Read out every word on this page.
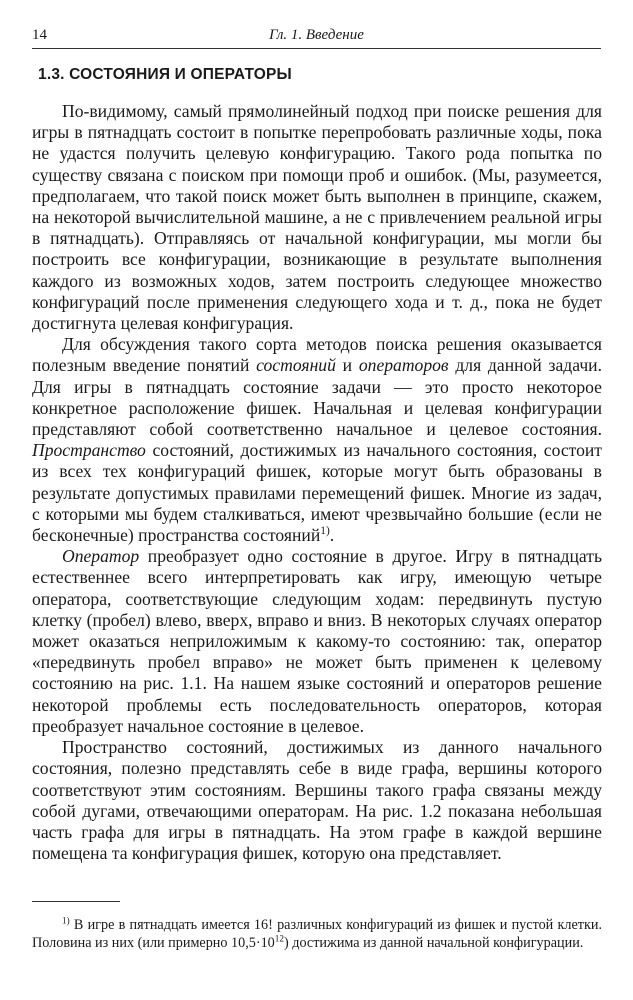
14	Гл. 1. Введение
1.3. СОСТОЯНИЯ И ОПЕРАТОРЫ

По-видимому, самый прямолинейный подход при поиске решения для игры в пятнадцать состоит в попытке перепробовать различные ходы, пока не удастся получить целевую конфигурацию. Такого рода попытка по существу связана с поиском при помощи проб и ошибок. (Мы, разумеется, предполагаем, что такой поиск может быть выполнен в принципе, скажем, на некоторой вычислительной машине, а не с привлечением реальной игры в пятнадцать). Отправляясь от начальной конфигурации, мы могли бы построить все конфигурации, возникающие в результате выполнения каждого из возможных ходов, затем построить следующее множество конфигураций после применения следующего хода и т. д., пока не будет достигнута целевая конфигурация.

Для обсуждения такого сорта методов поиска решения оказывается полезным введение понятий состояний и операторов для данной задачи. Для игры в пятнадцать состояние задачи — это просто некоторое конкретное расположение фишек. Начальная и целевая конфигурации представляют собой соответственно начальное и целевое состояния. Пространство состояний, достижимых из начального состояния, состоит из всех тех конфигураций фишек, которые могут быть образованы в результате допустимых правилами перемещений фишек. Многие из задач, с которыми мы будем сталкиваться, имеют чрезвычайно большие (если не бесконечные) пространства состояний$^{1)}$.

Оператор преобразует одно состояние в другое. Игру в пятнадцать естественнее всего интерпретировать как игру, имеющую четыре оператора, соответствующие следующим ходам: передвинуть пустую клетку (пробел) влево, вверх, вправо и вниз. В некоторых случаях оператор может оказаться неприложимым к какому-то состоянию: так, оператор «передвинуть пробел вправо» не может быть применен к целевому состоянию на рис. 1.1. На нашем языке состояний и операторов решение некоторой проблемы есть последовательность операторов, которая преобразует начальное состояние в целевое.

Пространство состояний, достижимых из данного начального состояния, полезно представлять себе в виде графа, вершины которого соответствуют этим состояниям. Вершины такого графа связаны между собой дугами, отвечающими операторам. На рис. 1.2 показана небольшая часть графа для игры в пятнадцать. На этом графе в каждой вершине помещена та конфигурация фишек, которую она представляет.

$^{1)}$ В игре в пятнадцать имеется 16! различных конфигураций из фишек и пустой клетки. Половина из них (или примерно $10,5\cdot 10^{12}$) достижима из данной начальной конфигурации.
